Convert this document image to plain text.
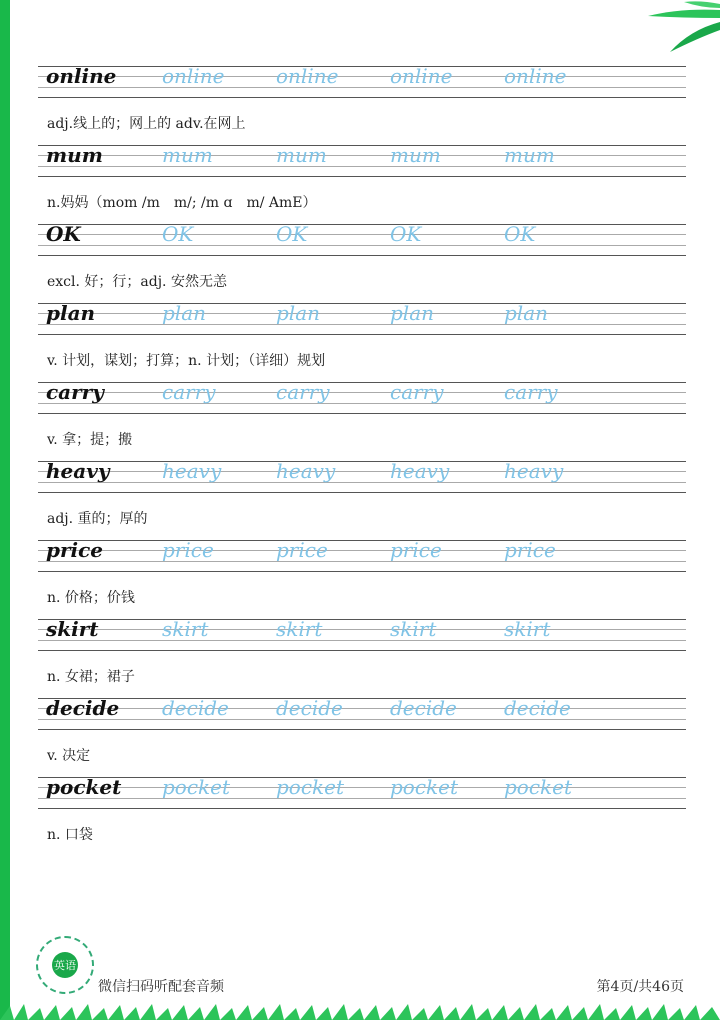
online online	online	online	online
adj.线上的；网上的 adv.在网上
mum	mum	mum	mum	mum
n.妈妈（mom /m　m/; /m ɑ　m/ AmE）
OK	OK	OK	OK	OK
excl. 好；行；adj. 安然无恙
plan	plan	plan	plan	plan
v. 计划，谋划；打算；n. 计划；（详细）规划
carry	carry	carry	carry	carry
v. 拿；提；搬
heavy	heavy	heavy	heavy	heavy
adj. 重的；厚的
price	price	price	price	price
n. 价格；价钱
skirt	skirt	skirt	skirt	skirt
n. 女裙；裙子
decide decide decide decide decide
v. 决定
pocket pocket pocket pocket pocket
n. 口袋
英语
微信扫码听配套音频	第4页/共46页
